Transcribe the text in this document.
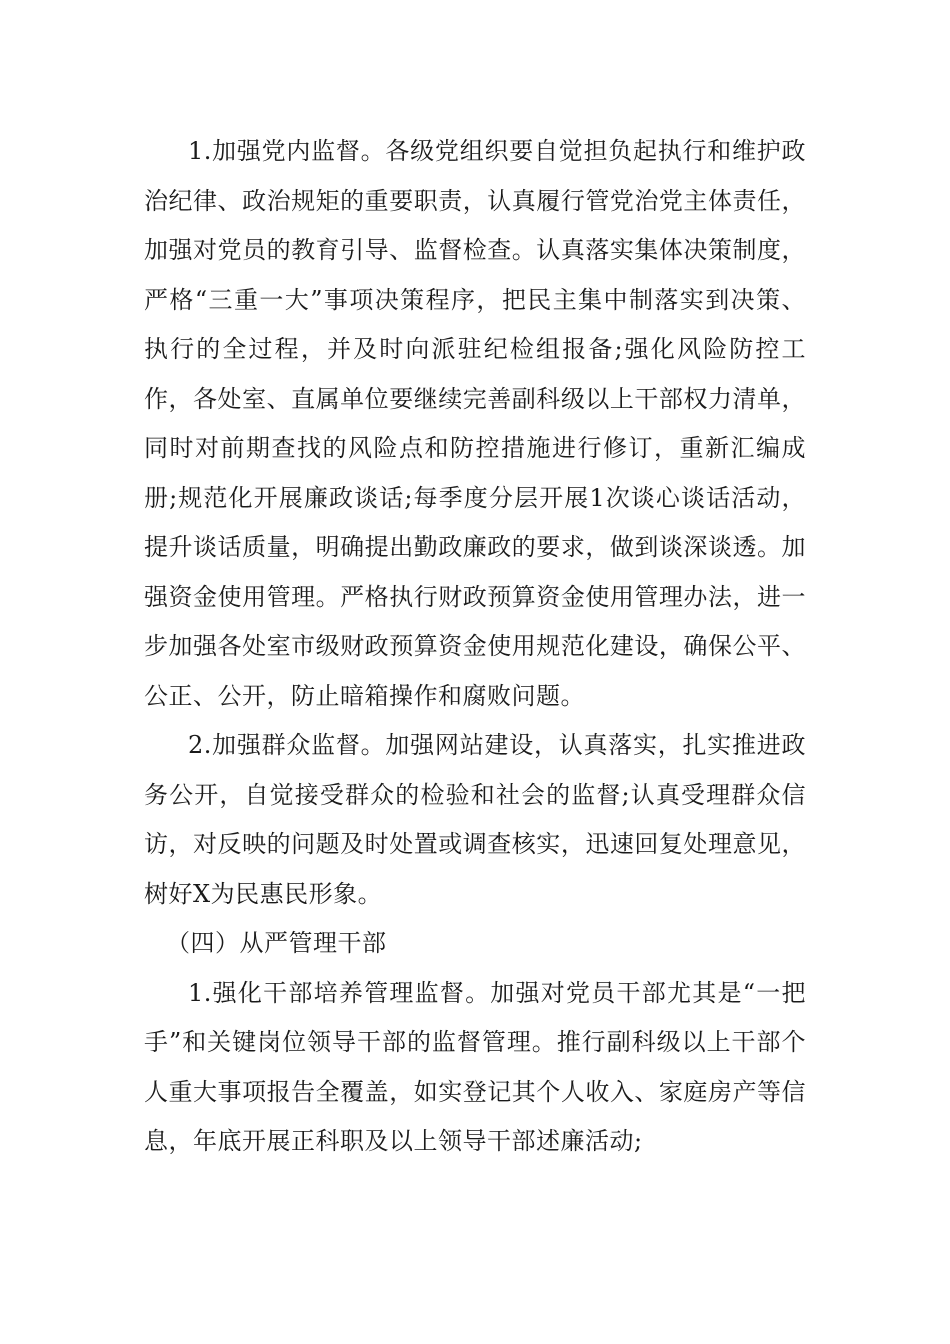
1.加强党内监督。各级党组织要自觉担负起执行和维护政治纪律、政治规矩的重要职责，认真履行管党治党主体责任，加强对党员的教育引导、监督检查。认真落实集体决策制度，严格“三重一大”事项决策程序，把民主集中制落实到决策、执行的全过程，并及时向派驻纪检组报备;强化风险防控工作，各处室、直属单位要继续完善副科级以上干部权力清单，同时对前期查找的风险点和防控措施进行修订，重新汇编成册;规范化开展廉政谈话;每季度分层开展1次谈心谈话活动，提升谈话质量，明确提出勤政廉政的要求，做到谈深谈透。加强资金使用管理。严格执行财政预算资金使用管理办法，进一步加强各处室市级财政预算资金使用规范化建设，确保公平、公正、公开，防止暗箱操作和腐败问题。

2.加强群众监督。加强网站建设，认真落实，扎实推进政务公开，自觉接受群众的检验和社会的监督;认真受理群众信访，对反映的问题及时处置或调查核实，迅速回复处理意见，树好X为民惠民形象。

（四）从严管理干部

1.强化干部培养管理监督。加强对党员干部尤其是“一把手”和关键岗位领导干部的监督管理。推行副科级以上干部个人重大事项报告全覆盖，如实登记其个人收入、家庭房产等信息，年底开展正科职及以上领导干部述廉活动;
